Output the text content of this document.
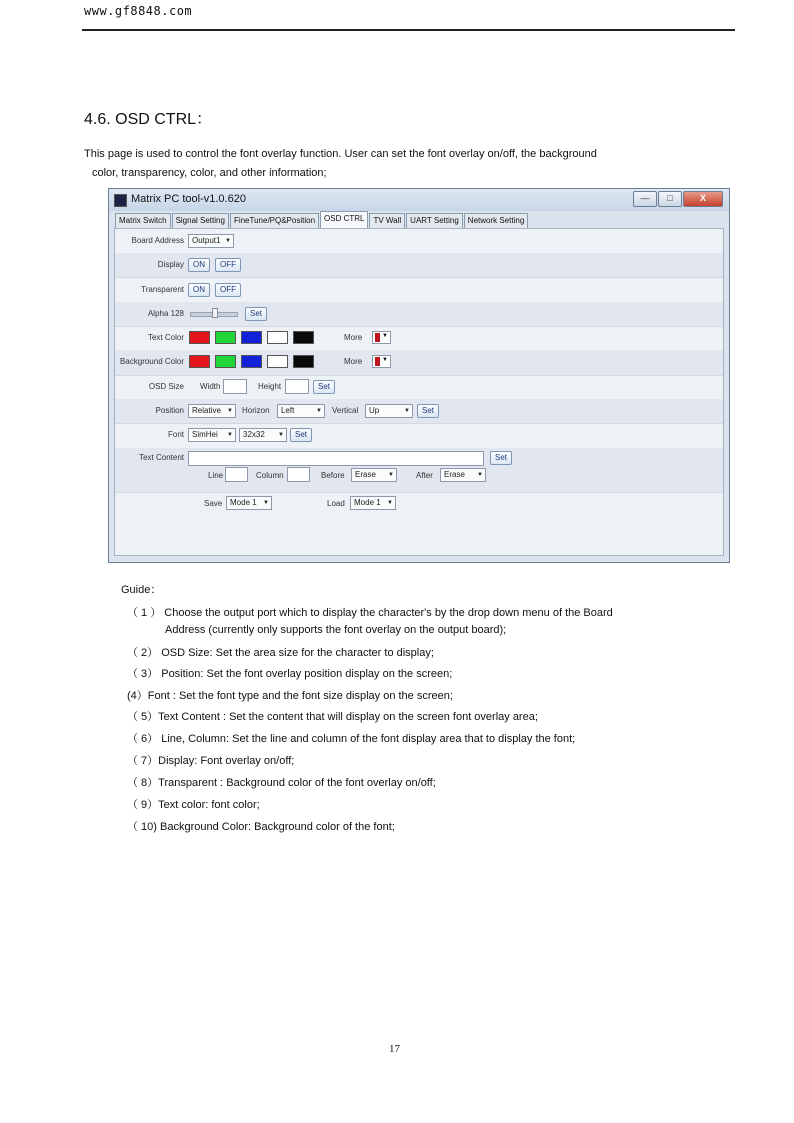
www.gf8848.com
4.6. OSD CTRL：
This page is used to control the font overlay function. User can set the font overlay on/off, the background
color, transparency, color, and other information;
Matrix PC tool-v1.0.620	—	□	X
Matrix Switch	Signal Setting	FineTune/PQ&Position	OSD CTRL	TV Wall	UART Setting	Network Setting
Board Address	Output1 ▼
Display	ON	OFF
Transparent	ON	OFF
Alpha 128	Set
Text Color	More	▼
Background Color	More	▼
OSD Size Width	Height	Set
Position	Relative ▼	Horizon	Left ▼	Vertical	Up ▼	Set
Font	SimHei ▼	32x32 ▼	Set
Text Content	Set
Line	Column	Before	Erase ▼	After	Erase ▼
Save Mode 1 ▼	Load	Mode 1 ▼
Guide：
（ 1 ） Choose the output port which to display the character's by the drop down menu of the Board
Address (currently only supports the font overlay on the output board);
（ 2） OSD Size: Set the area size for the character to display;
（ 3） Position: Set the font overlay position display on the screen;
(4）Font : Set the font type and the font size display on the screen;
（ 5）Text Content : Set the content that will display on the screen font overlay area;
（ 6） Line, Column: Set the line and column of the font display area that to display the font;
（ 7）Display: Font overlay on/off;
（ 8）Transparent : Background color of the font overlay on/off;
（ 9）Text color: font color;
（ 10) Background Color: Background color of the font;
17
